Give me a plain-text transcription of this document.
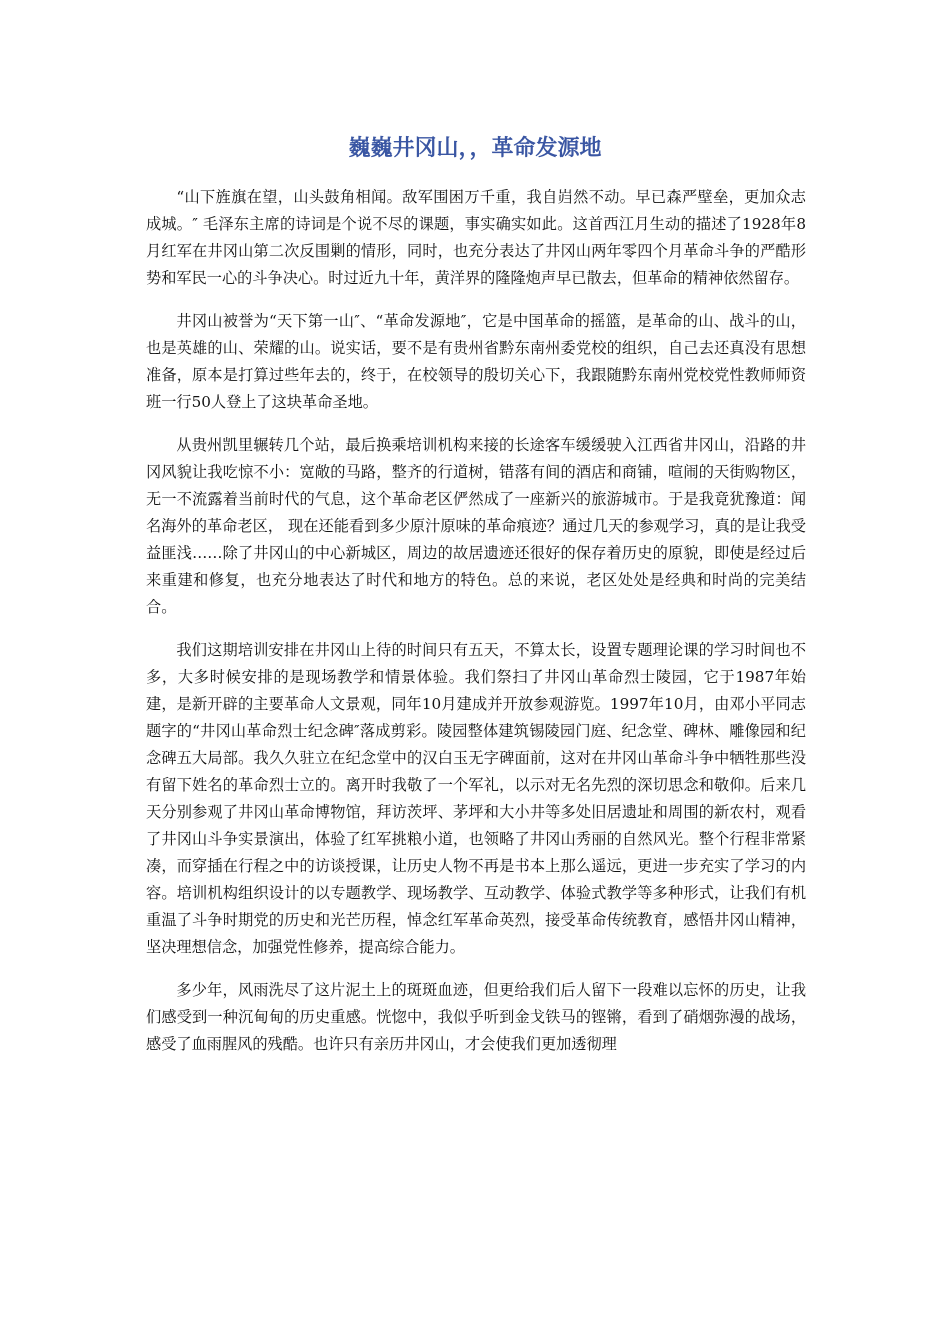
巍巍井冈山，，革命发源地

“山下旌旗在望，山头鼓角相闻。敌军围困万千重，我自岿然不动。早已森严壁垒，更加众志成城。″ 毛泽东主席的诗词是个说不尽的课题，事实确实如此。这首西江月生动的描述了1928年8月红军在井冈山第二次反围剿的情形，同时，也充分表达了井冈山两年零四个月革命斗争的严酷形势和军民一心的斗争决心。时过近九十年，黄洋界的隆隆炮声早已散去，但革命的精神依然留存。

井冈山被誉为“天下第一山″、“革命发源地″，它是中国革命的摇篮，是革命的山、战斗的山，也是英雄的山、荣耀的山。说实话，要不是有贵州省黔东南州委党校的组织，自己去还真没有思想准备，原本是打算过些年去的，终于，在校领导的殷切关心下，我跟随黔东南州党校党性教师师资班一行50人登上了这块革命圣地。

从贵州凯里辗转几个站，最后换乘培训机构来接的长途客车缓缓驶入江西省井冈山，沿路的井冈风貌让我吃惊不小：宽敞的马路，整齐的行道树，错落有间的酒店和商铺，喧闹的天街购物区，无一不流露着当前时代的气息，这个革命老区俨然成了一座新兴的旅游城市。于是我竟犹豫道：闻名海外的革命老区， 现在还能看到多少原汁原味的革命痕迹？通过几天的参观学习，真的是让我受益匪浅……除了井冈山的中心新城区，周边的故居遗迹还很好的保存着历史的原貌，即使是经过后来重建和修复，也充分地表达了时代和地方的特色。总的来说，老区处处是经典和时尚的完美结合。

我们这期培训安排在井冈山上待的时间只有五天，不算太长，设置专题理论课的学习时间也不多，大多时候安排的是现场教学和情景体验。我们祭扫了井冈山革命烈士陵园，它于1987年始建，是新开辟的主要革命人文景观，同年10月建成并开放参观游览。1997年10月，由邓小平同志题字的“井冈山革命烈士纪念碑″落成剪彩。陵园整体建筑锡陵园门庭、纪念堂、碑林、雕像园和纪念碑五大局部。我久久驻立在纪念堂中的汉白玉无字碑面前，这对在井冈山革命斗争中牺牲那些没有留下姓名的革命烈士立的。离开时我敬了一个军礼，以示对无名先烈的深切思念和敬仰。后来几天分别参观了井冈山革命博物馆，拜访茨坪、茅坪和大小井等多处旧居遗址和周围的新农村，观看了井冈山斗争实景演出，体验了红军挑粮小道，也领略了井冈山秀丽的自然风光。整个行程非常紧凑，而穿插在行程之中的访谈授课，让历史人物不再是书本上那么遥远，更进一步充实了学习的内容。培训机构组织设计的以专题教学、现场教学、互动教学、体验式教学等多种形式，让我们有机重温了斗争时期党的历史和光芒历程，悼念红军革命英烈，接受革命传统教育，感悟井冈山精神，坚决理想信念，加强党性修养，提高综合能力。

多少年，风雨洗尽了这片泥土上的斑斑血迹，但更给我们后人留下一段难以忘怀的历史，让我们感受到一种沉甸甸的历史重感。恍惚中，我似乎听到金戈铁马的铿锵，看到了硝烟弥漫的战场，感受了血雨腥风的残酷。也许只有亲历井冈山，才会使我们更加透彻理
